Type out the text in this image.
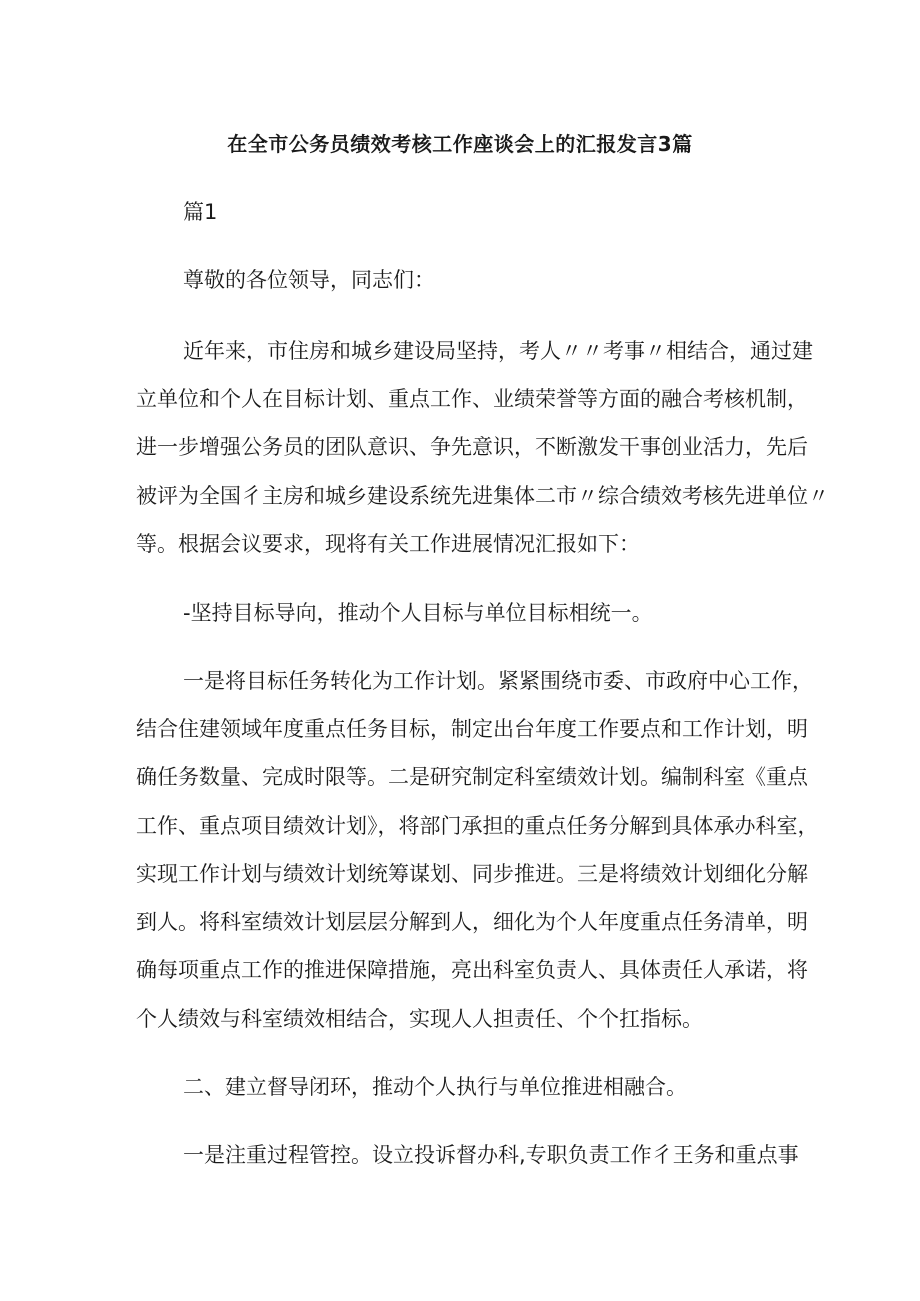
在全市公务员绩效考核工作座谈会上的汇报发言3篇
篇1
尊敬的各位领导，同志们：
近年来，市住房和城乡建设局坚持，考人〃〃考事〃相结合，通过建
立单位和个人在目标计划、重点工作、业绩荣誉等方面的融合考核机制，
进一步增强公务员的团队意识、争先意识，不断激发干事创业活力，先后
被评为全国彳主房和城乡建设系统先进集体二市〃综合绩效考核先进单位〃
等。根据会议要求，现将有关工作进展情况汇报如下：
-坚持目标导向，推动个人目标与单位目标相统一。
一是将目标任务转化为工作计划。紧紧围绕市委、市政府中心工作，
结合住建领域年度重点任务目标，制定出台年度工作要点和工作计划，明
确任务数量、完成时限等。二是研究制定科室绩效计划。编制科室《重点
工作、重点项目绩效计划》，将部门承担的重点任务分解到具体承办科室，
实现工作计划与绩效计划统筹谋划、同步推进。三是将绩效计划细化分解
到人。将科室绩效计划层层分解到人，细化为个人年度重点任务清单，明
确每项重点工作的推进保障措施，亮出科室负责人、具体责任人承诺，将
个人绩效与科室绩效相结合，实现人人担责任、个个扛指标。
二、建立督导闭环，推动个人执行与单位推进相融合。
一是注重过程管控。设立投诉督办科,专职负责工作彳王务和重点事
